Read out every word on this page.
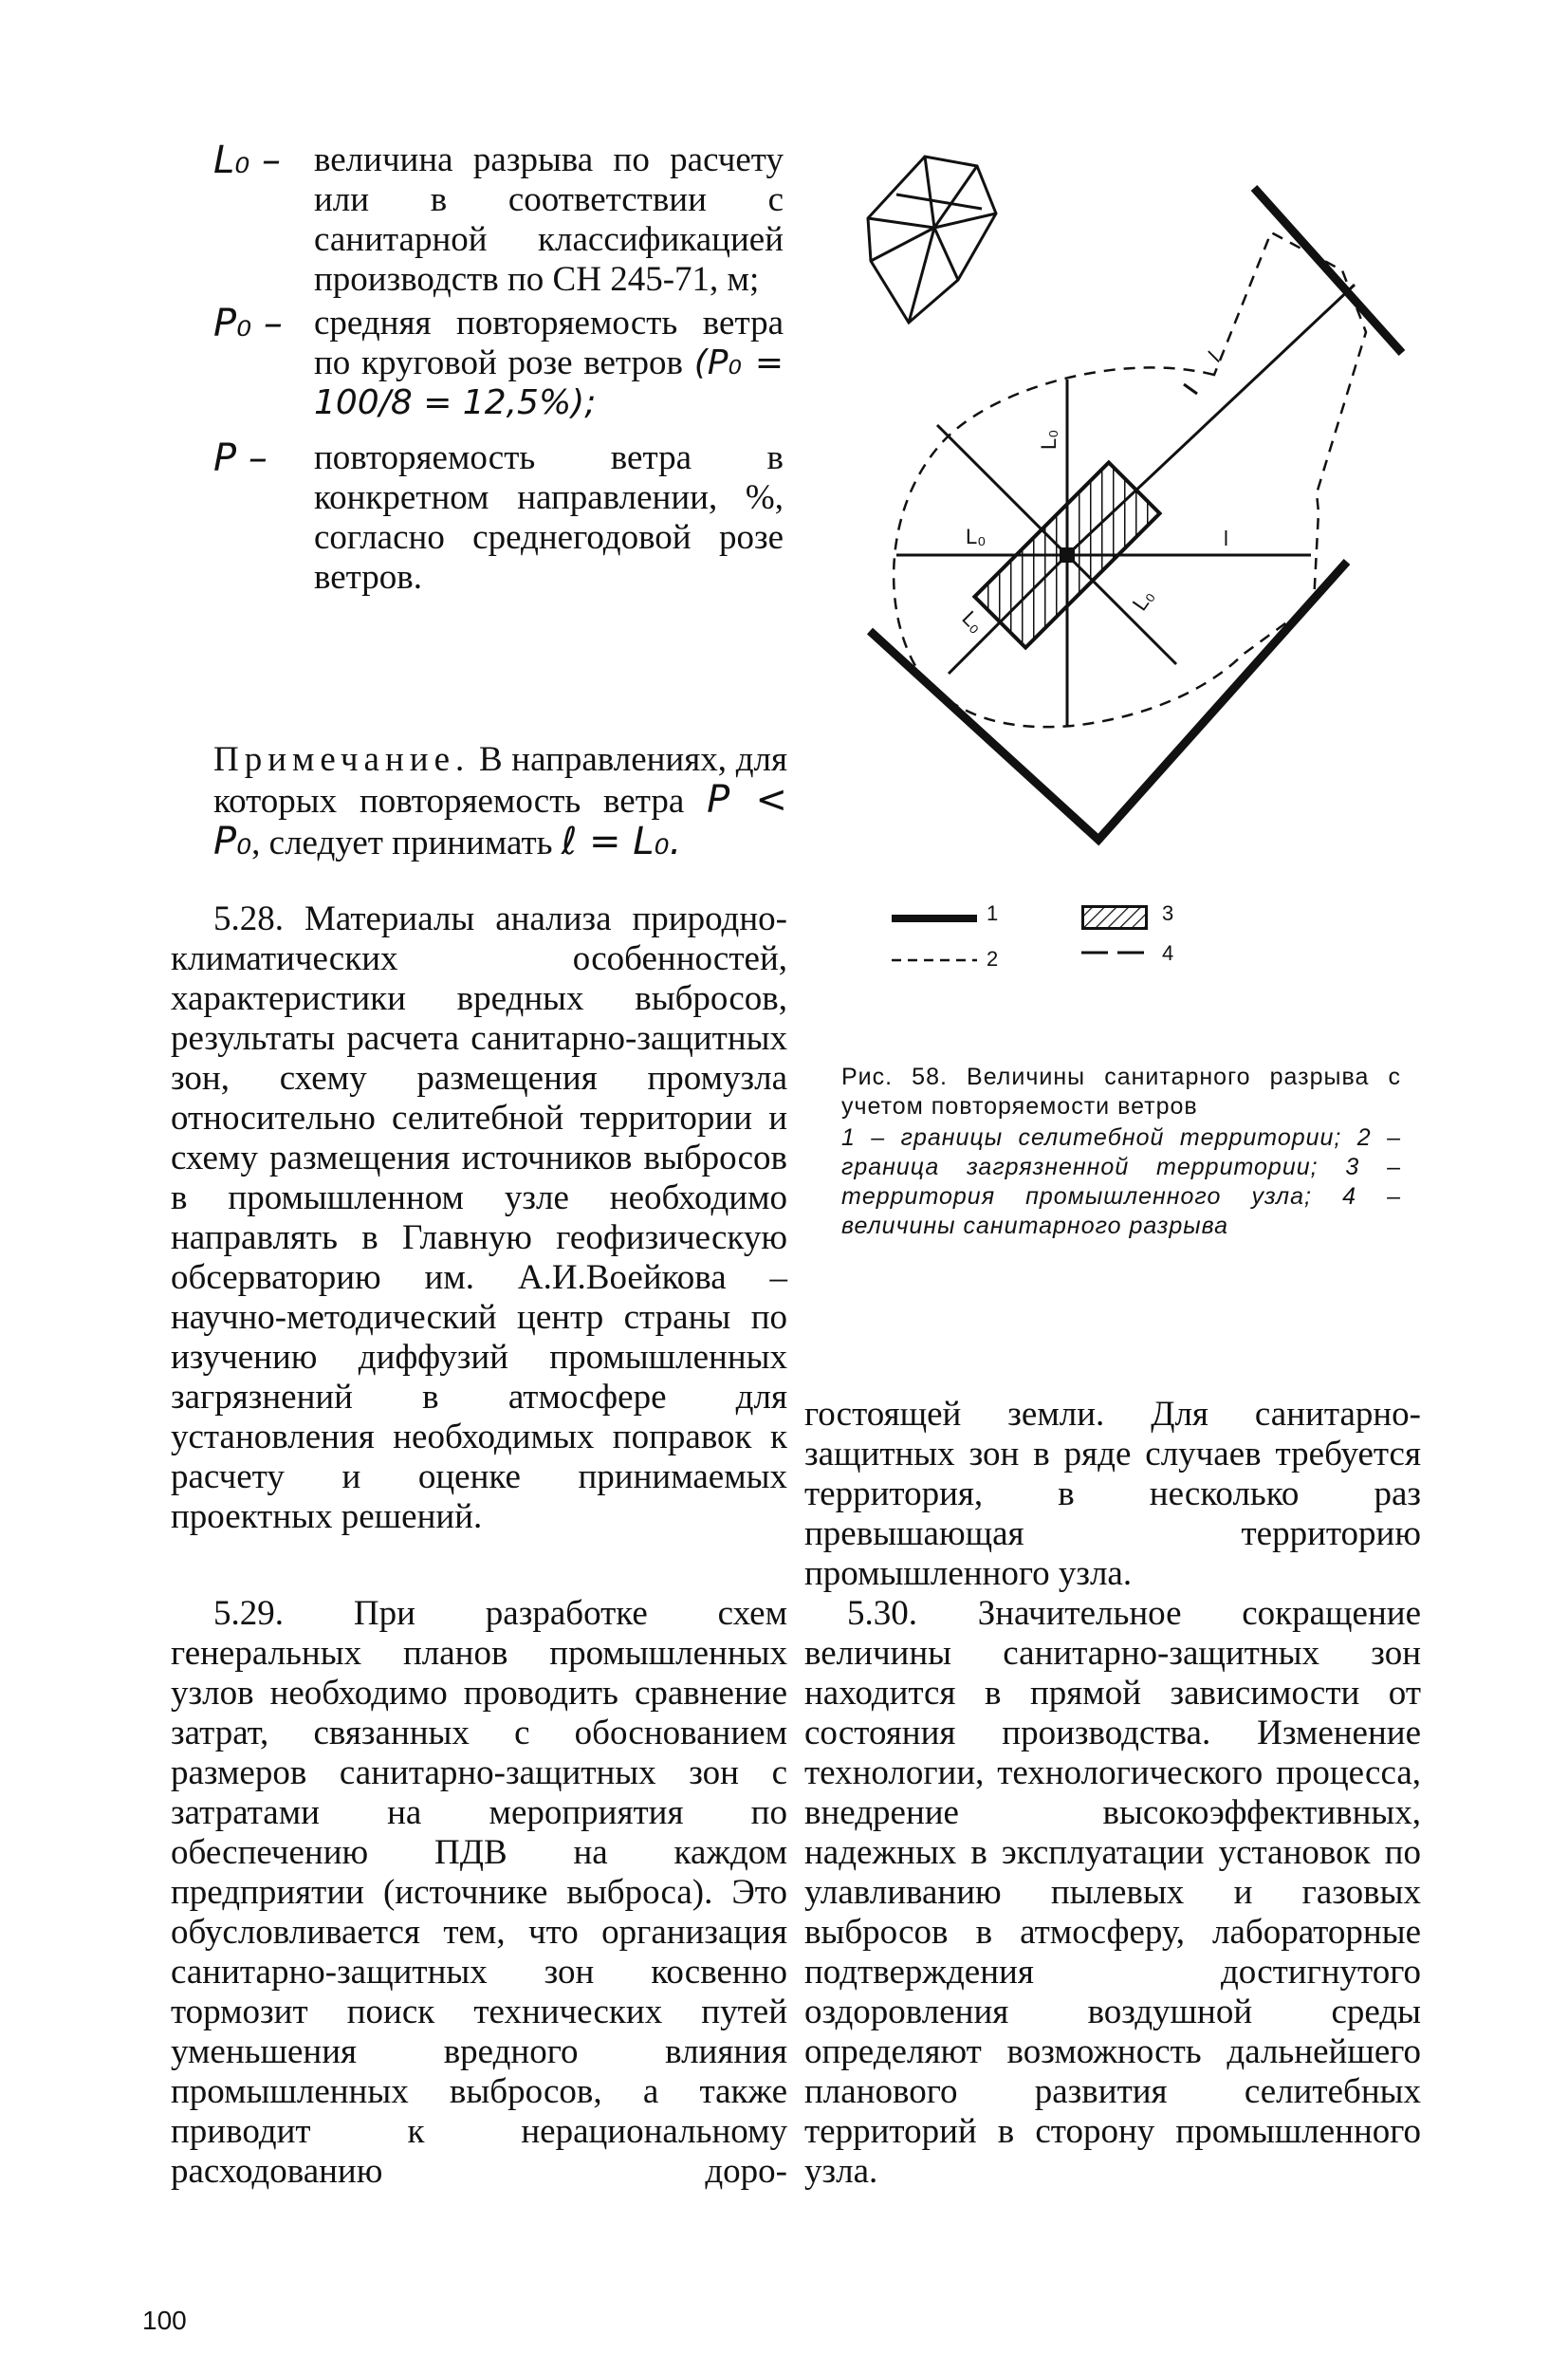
L₀ – величина разрыва по расчету или в соответствии с санитарной классификацией производств по СН 245-71, м;
P₀ – средняя повторяемость ветра по круговой розе ветров (P₀ = 100/8 = 12,5%);
P –	повторяемость ветра в конкретном направлении, %, согласно среднегодовой розе ветров.
Примечание. В направлениях, для которых повторяемость ветра P < P₀, следует принимать ℓ = L₀.
5.28. Материалы анализа природно-климатических особенностей, характеристики вредных выбросов, результаты расчета санитарно-защитных зон, схему размещения промузла относительно селитебной территории и схему размещения источников выбросов в промышленном узле необходимо направлять в Главную геофизическую обсерваторию им. А.И.Воейкова – научно-методический центр страны по изучению диффузий промышленных загрязнений в атмосфере для установления необходимых поправок к расчету и оценке принимаемых проектных решений.
5.29. При разработке схем генеральных планов промышленных узлов необходимо проводить сравнение затрат, связанных с обоснованием размеров санитарно-защитных зон с затратами на мероприятия по обеспечению ПДВ на каждом предприятии (источнике выброса). Это обусловливается тем, что организация санитарно-защитных зон косвенно тормозит поиск технических путей уменьшения вредного влияния промышленных выбросов, а также приводит к нерациональному расходованию доро-
L₀
L₀
L₀
L₀
l
l
1
2
3
4
Рис. 58. Величины санитарного разрыва с учетом повторяемости ветров
1 – границы селитебной территории; 2 – граница загрязненной территории; 3 – территория промышленного узла; 4 – величины санитарного разрыва
гостоящей земли. Для санитарно-защитных зон в ряде случаев требуется территория, в несколько раз превышающая территорию промышленного узла.
5.30. Значительное сокращение величины санитарно-защитных зон находится в прямой зависимости от состояния производства. Изменение технологии, технологического процесса, внедрение высокоэффективных, надежных в эксплуатации установок по улавливанию пылевых и газовых выбросов в атмосферу, лабораторные подтверждения достигнутого оздоровления воздушной среды определяют возможность дальнейшего планового развития селитебных территорий в сторону промышленного узла.
100
